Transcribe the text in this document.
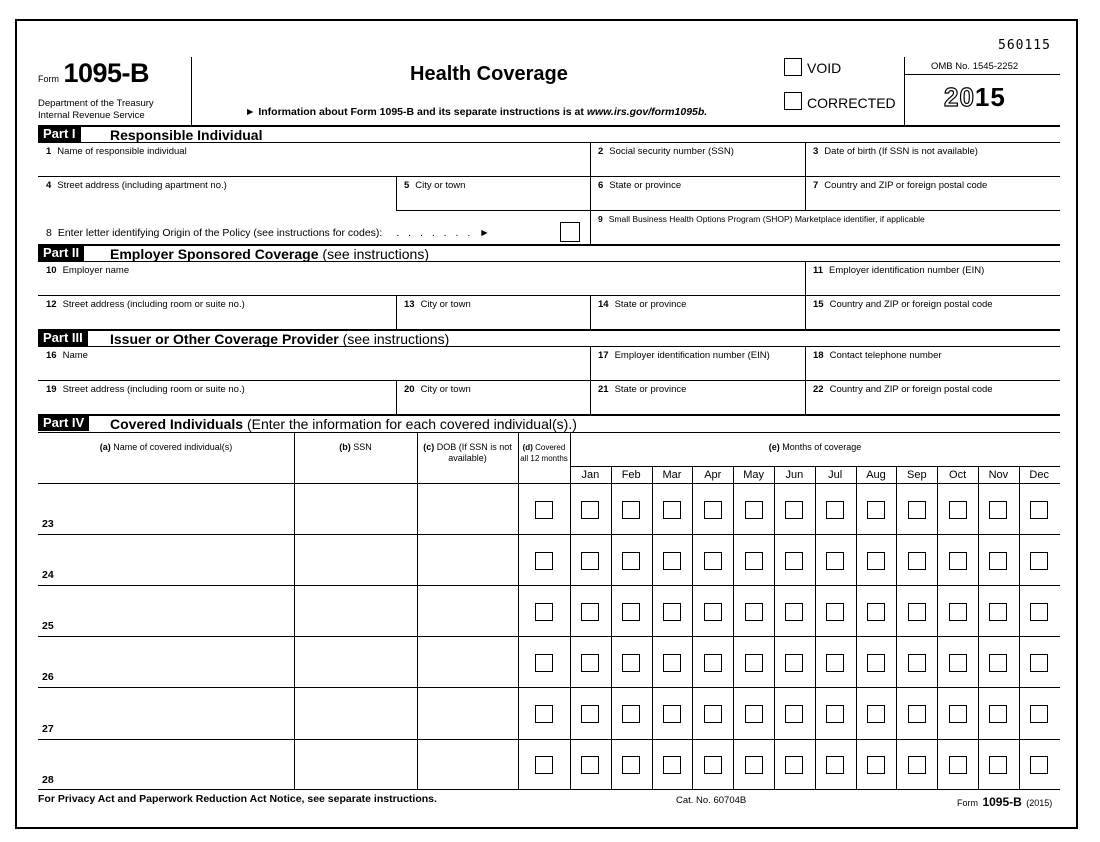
560115
Form 1095-B
Department of the Treasury
Internal Revenue Service
Health Coverage
► Information about Form 1095-B and its separate instructions is at www.irs.gov/form1095b.
VOID
CORRECTED
OMB No. 1545-2252
2015
Part I	Responsible Individual
1 Name of responsible individual	2 Social security number (SSN)	3 Date of birth (If SSN is not available)
4 Street address (including apartment no.)	5 City or town	6 State or province	7 Country and ZIP or foreign postal code
8 Enter letter identifying Origin of the Policy (see instructions for codes): . . . . . . . ►
9 Small Business Health Options Program (SHOP) Marketplace identifier, if applicable
Part II	Employer Sponsored Coverage (see instructions)
10 Employer name	11 Employer identification number (EIN)
12 Street address (including room or suite no.)	13 City or town	14 State or province	15 Country and ZIP or foreign postal code
Part III	Issuer or Other Coverage Provider (see instructions)
16 Name	17 Employer identification number (EIN)	18 Contact telephone number
19 Street address (including room or suite no.)	20 City or town	21 State or province	22 Country and ZIP or foreign postal code
Part IV	Covered Individuals (Enter the information for each covered individual(s).)
(a) Name of covered individual(s)	(b) SSN	(c) DOB (If SSN is not
available)
(d) Covered
all 12 months
(e) Months of coverage
Jan	Feb	Mar	Apr	May	Jun	Jul	Aug	Sep	Oct	Nov	Dec
23
24
25
26
27
28
For Privacy Act and Paperwork Reduction Act Notice, see separate instructions.	Cat. No. 60704B	Form 1095-B (2015)
